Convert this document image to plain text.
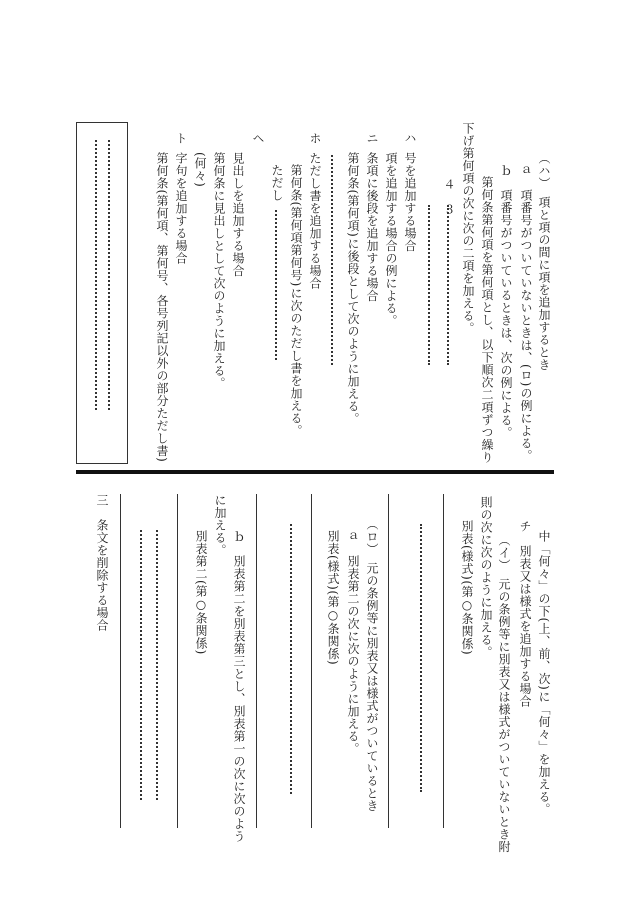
（ハ）　項と項の間に項を追加するとき
ａ　項番号がついていないときは、(ロ)の例による。
ｂ　項番号がついているときは、次の例による。
第何条第何項を第何項とし、以下順次二項ずつ繰り
下げ第何項の次に次の二項を加える。
４　３
ハ
号を追加する場合
項を追加する場合の例による。
ニ
条項に後段を追加する場合
第何条(第何項)に後段として次のように加える。
ホ
ただし書を追加する場合
第何条(第何項第何号)に次のただし書を加える。
ただし
ヘ
見出しを追加する場合
第何条に見出しとして次のように加える。
(何々)
ト
字句を追加する場合
第何条(第何項、第何号、各号列記以外の部分ただし書)
中「何々」の下(上、前、次)に「何々」を加える。
チ　別表又は様式を追加する場合
（イ）　元の条例等に別表又は様式がついていないとき附
則の次に次のように加える。
別表(様式)(第○条関係)
（ロ）　元の条例等に別表又は様式がついているとき
ａ　別表第二の次に次のように加える。
別表(様式)(第○条関係)
ｂ　別表第二を別表第三とし、別表第一の次に次のよう
に加える。
別表第二(第○条関係)
三　条文を削除する場合
